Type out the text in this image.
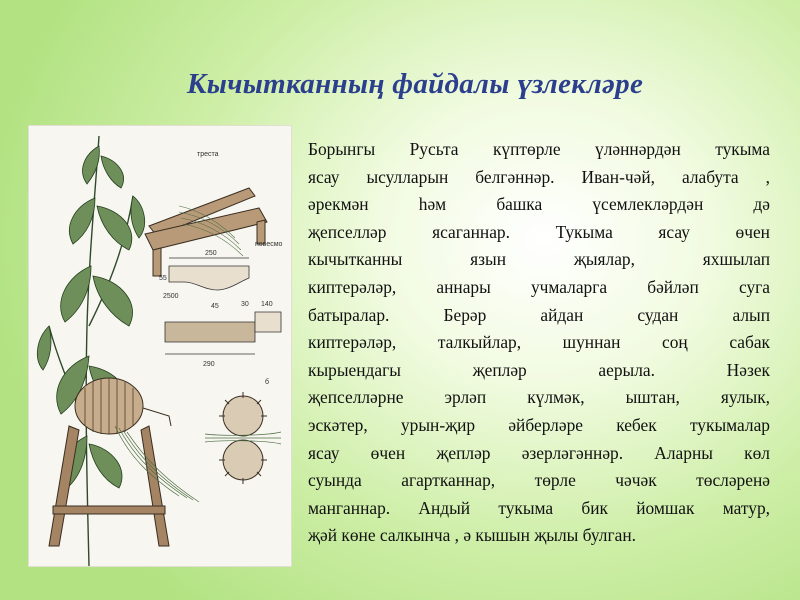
Кычытканның файдалы үзлекләре
треста
повесмо
250
55
2500
45	30 140
290
б
Борынгы Русьта күптөрле үләннәрдән тукыма
ясау ысулларын белгәннәр. Иван-чәй, алабута ,
әрекмән һәм башка үсемлекләрдән дә
җепселләр ясаганнар. Тукыма ясау өчен
кычытканны язын җыялар, яхшылап
киптерәләр, аннары учмаларга бәйләп суга
батыралар. Берәр айдан судан алып
киптерәләр, талкыйлар, шуннан соң сабак
кырыендагы җепләр аерыла. Нәзек
җепселләрне эрләп күлмәк, ыштан, яулык,
эскәтер, урын-җир әйберләре кебек тукымалар
ясау өчен җепләр әзерләгәннәр. Аларны көл
суында агартканнар, төрле чәчәк төсләренә
манганнар. Андый тукыма бик йомшак матур,
җәй көне салкынча , ә кышын җылы булган.
